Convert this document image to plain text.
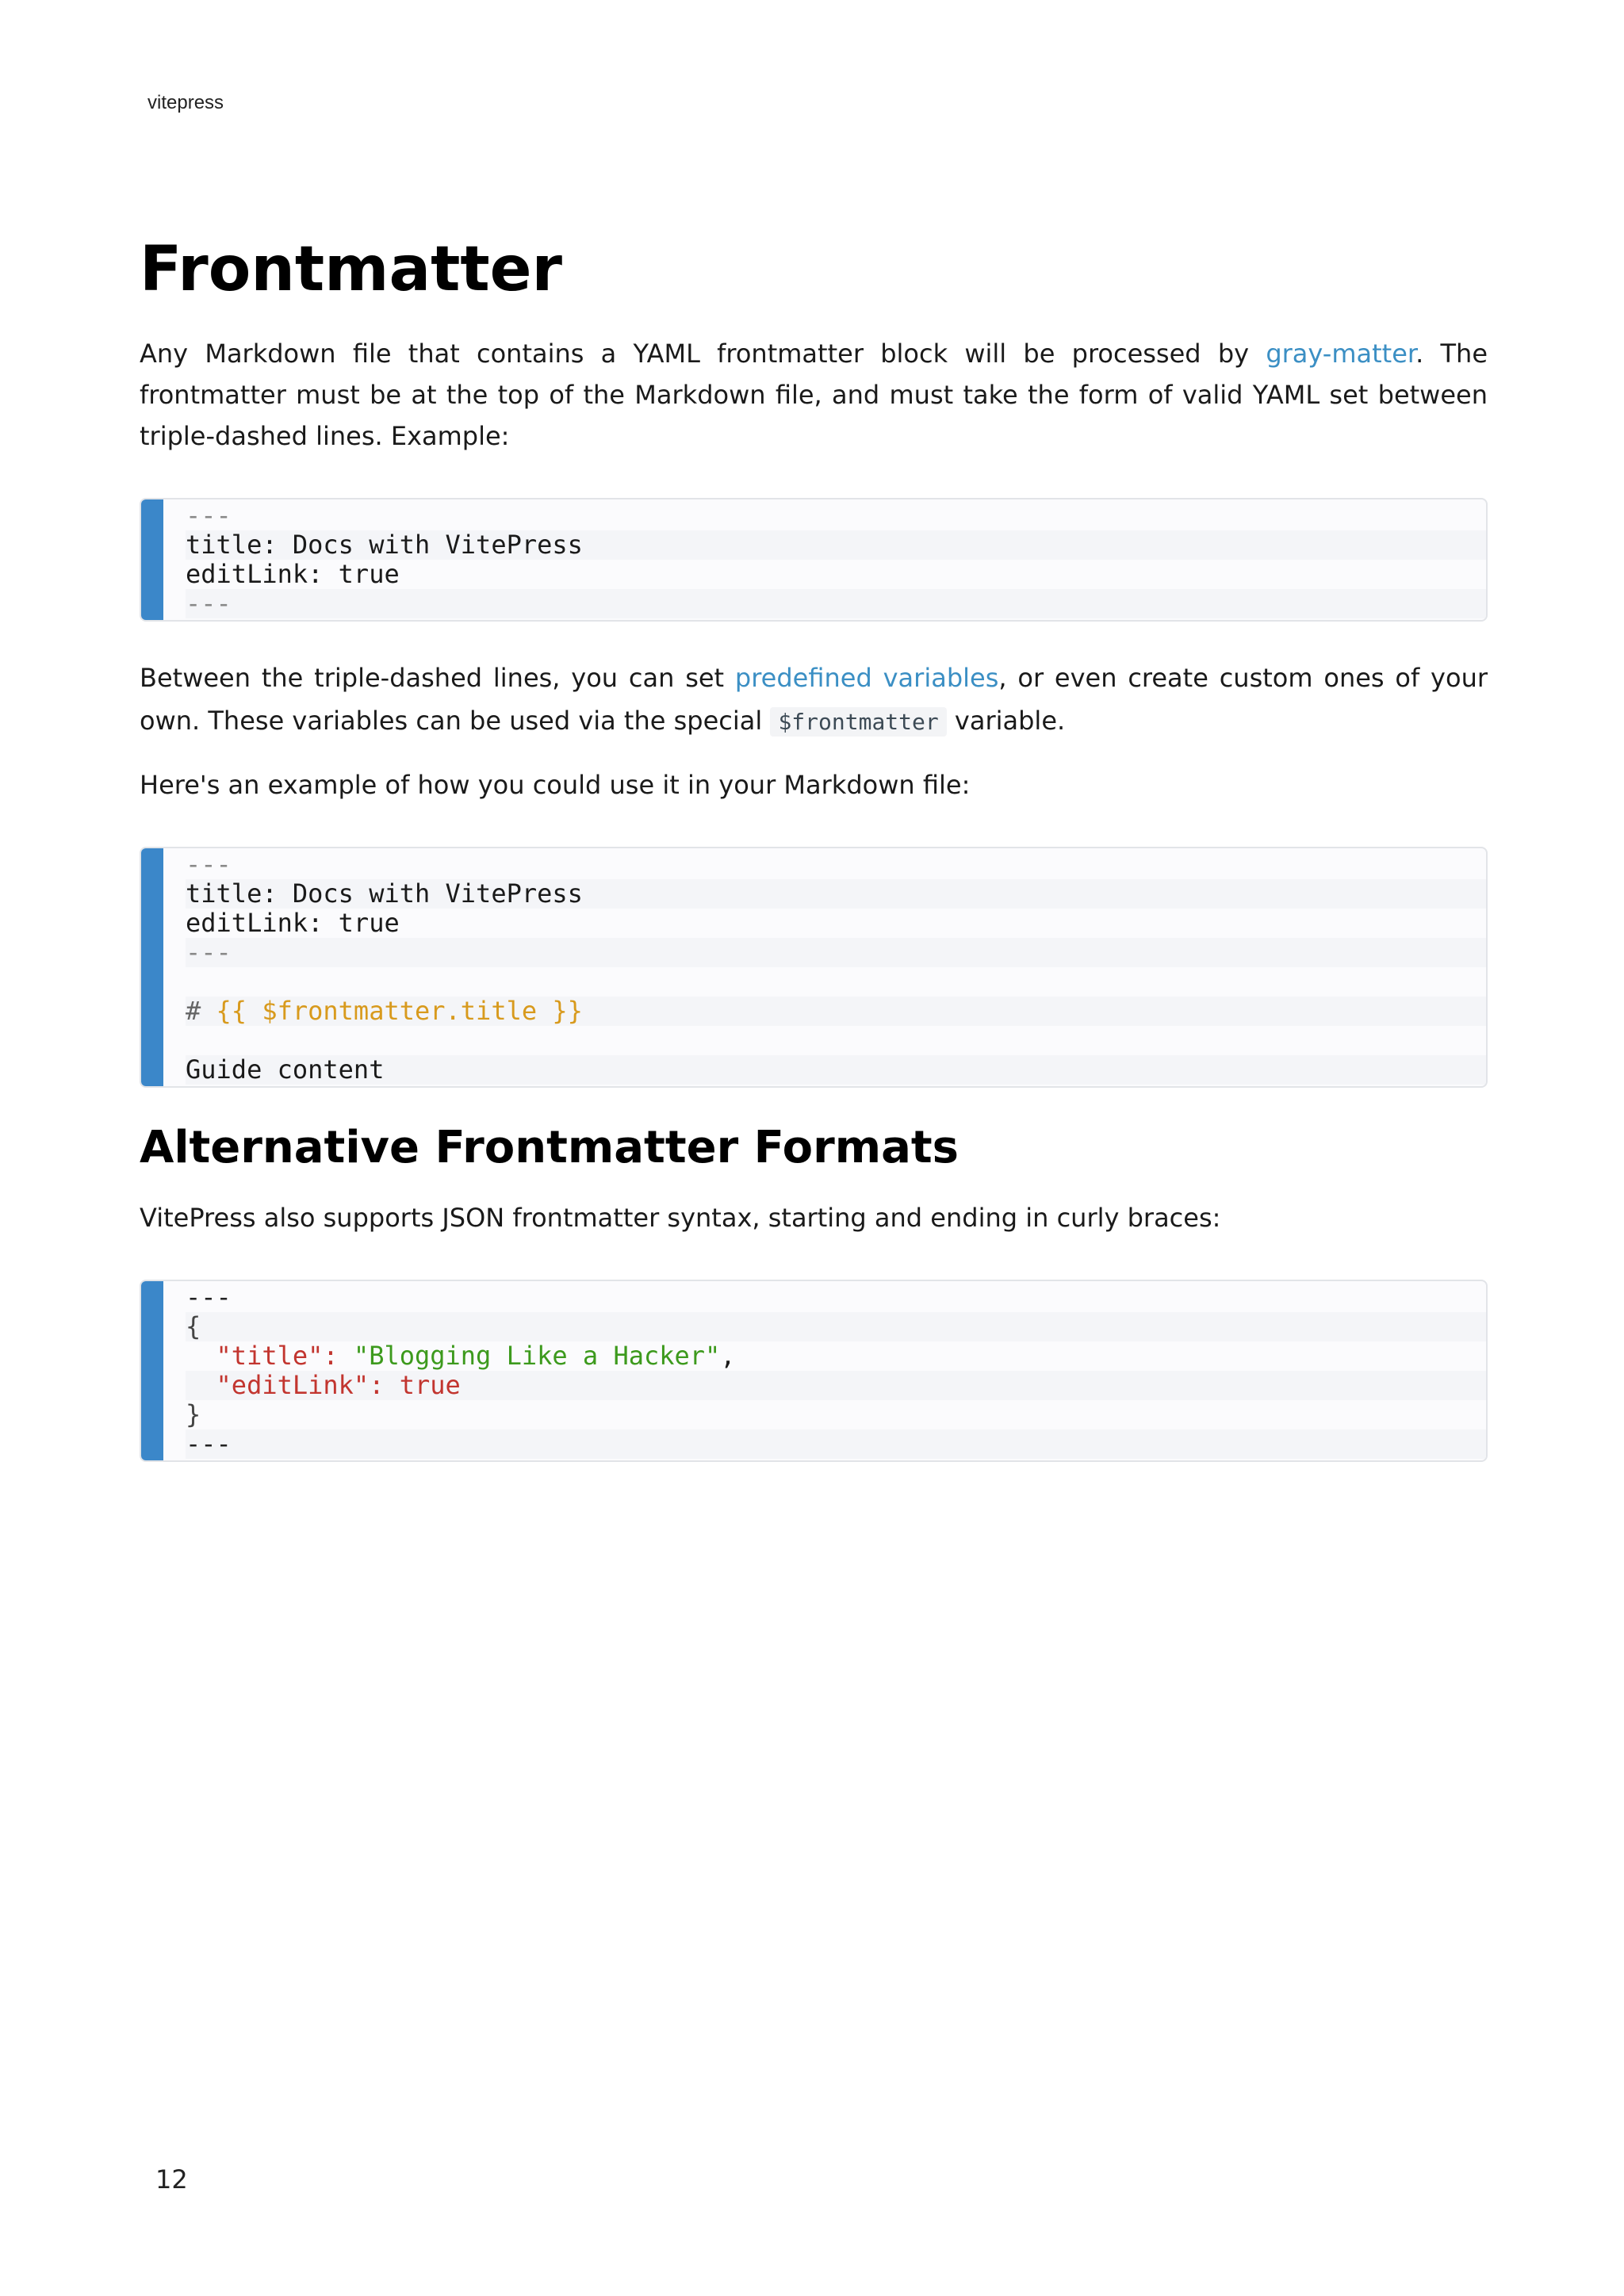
vitepress
Frontmatter

Any Markdown file that contains a YAML frontmatter block will be processed by gray-matter. The frontmatter must be at the top of the Markdown file, and must take the form of valid YAML set between triple-dashed lines. Example:

---
title: Docs with VitePress
editLink: true
---

Between the triple-dashed lines, you can set predefined variables, or even create custom ones of your own. These variables can be used via the special $frontmatter variable.

Here's an example of how you could use it in your Markdown file:

---
title: Docs with VitePress
editLink: true
---
# {{ $frontmatter.title }}
Guide content
Alternative Frontmatter Formats

VitePress also supports JSON frontmatter syntax, starting and ending in curly braces:

---
{
"title": "Blogging Like a Hacker",
"editLink": true
}
---
12
